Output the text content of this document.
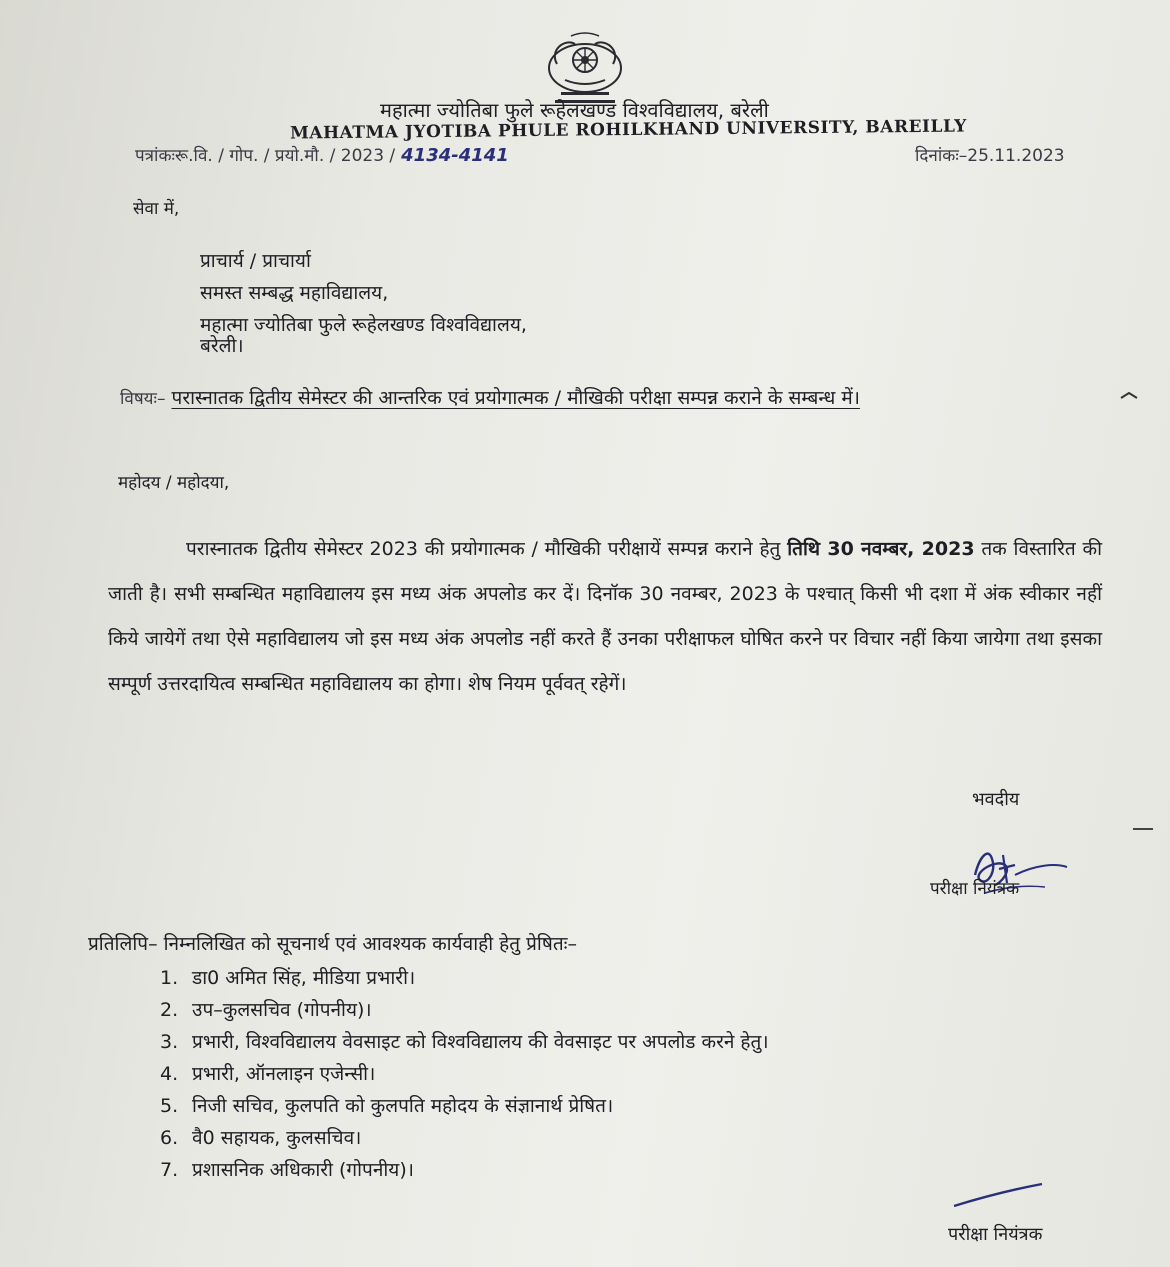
महात्मा ज्योतिबा फुले रूहेलखण्ड विश्वविद्यालय, बरेली
MAHATMA JYOTIBA PHULE ROHILKHAND UNIVERSITY, BAREILLY
पत्रांकःरू.वि. / गोप. / प्रयो.मौ. / 2023 / 4134-4141	दिनांकः–25.11.2023
सेवा में,
प्राचार्य / प्राचार्या
समस्त सम्बद्ध महाविद्यालय,
महात्मा ज्योतिबा फुले रूहेलखण्ड विश्वविद्यालय,
बरेली।
विषयः– परास्नातक द्वितीय सेमेस्टर की आन्तरिक एवं प्रयोगात्मक / मौखिकी परीक्षा सम्पन्न कराने के सम्बन्ध में।
महोदय / महोदया,
परास्नातक द्वितीय सेमेस्टर 2023 की प्रयोगात्मक / मौखिकी परीक्षायें सम्पन्न कराने हेतु तिथि 30 नवम्बर, 2023 तक विस्तारित की जाती है। सभी सम्बन्धित महाविद्यालय इस मध्य अंक अपलोड कर दें। दिनॉक 30 नवम्बर, 2023 के पश्चात् किसी भी दशा में अंक स्वीकार नहीं किये जायेगें तथा ऐसे महाविद्यालय जो इस मध्य अंक अपलोड नहीं करते हैं उनका परीक्षाफल घोषित करने पर विचार नहीं किया जायेगा तथा इसका सम्पूर्ण उत्तरदायित्व सम्बन्धित महाविद्यालय का होगा। शेष नियम पूर्ववत् रहेगें।
भवदीय
परीक्षा नियंत्रक
प्रतिलिपि– निम्नलिखित को सूचनार्थ एवं आवश्यक कार्यवाही हेतु प्रेषितः–
1. डा0 अमित सिंह, मीडिया प्रभारी।
2. उप–कुलसचिव (गोपनीय)।
3. प्रभारी, विश्वविद्यालय वेवसाइट को विश्वविद्यालय की वेवसाइट पर अपलोड करने हेतु।
4. प्रभारी, ऑनलाइन एजेन्सी।
5. निजी सचिव, कुलपति को कुलपति महोदय के संज्ञानार्थ प्रेषित।
6. वै0 सहायक, कुलसचिव।
7. प्रशासनिक अधिकारी (गोपनीय)।
परीक्षा नियंत्रक
